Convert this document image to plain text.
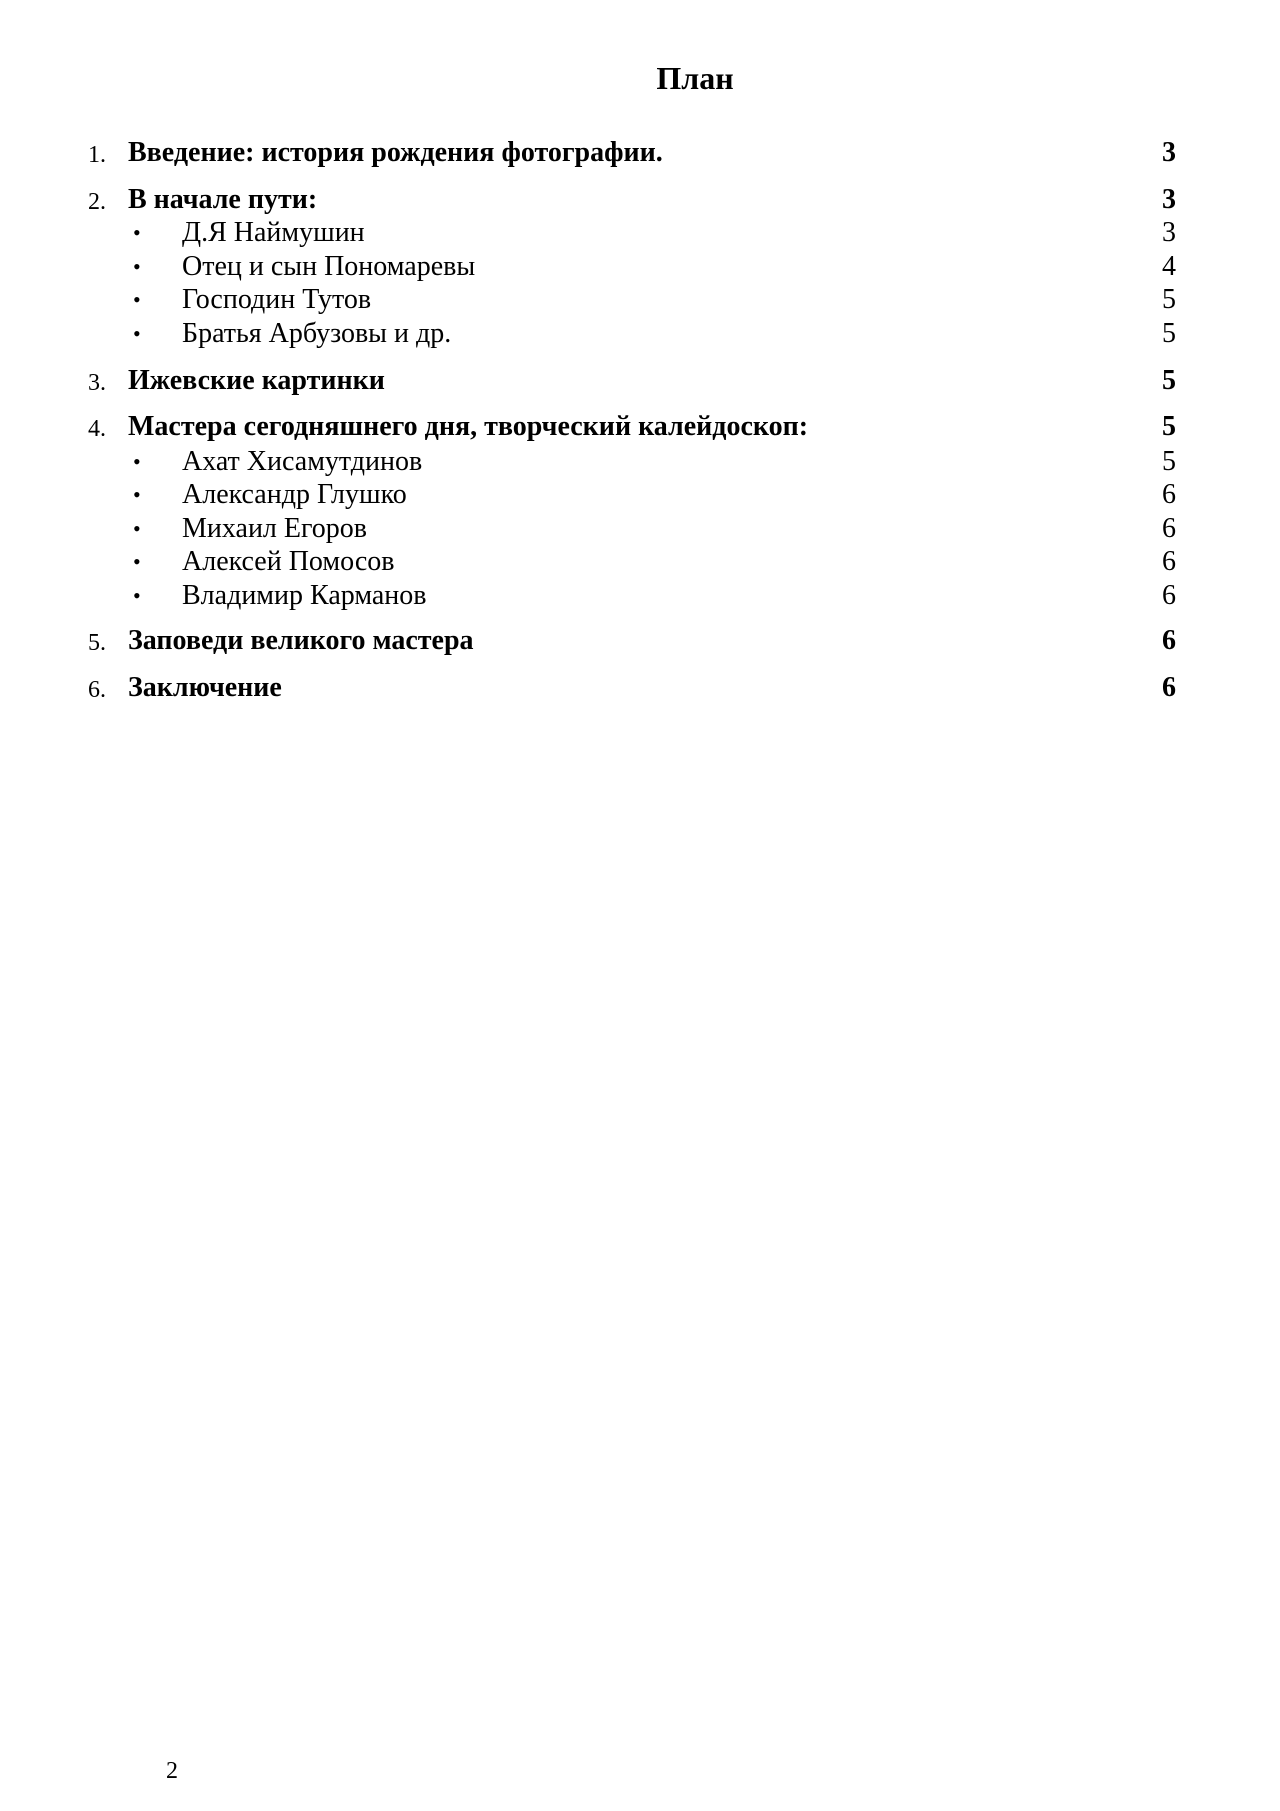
План
1. Введение: история рождения фотографии.	3
2. В начале пути:	3
• Д.Я Наймушин	3
• Отец и сын Пономаревы	4
• Господин Тутов	5
• Братья Арбузовы и др.	5
3. Ижевские картинки	5
4. Мастера сегодняшнего дня, творческий калейдоскоп:	5
• Ахат Хисамутдинов	5
• Александр Глушко	6
• Михаил Егоров	6
• Алексей Помосов	6
• Владимир Карманов	6
5. Заповеди великого мастера	6
6. Заключение	6
2
